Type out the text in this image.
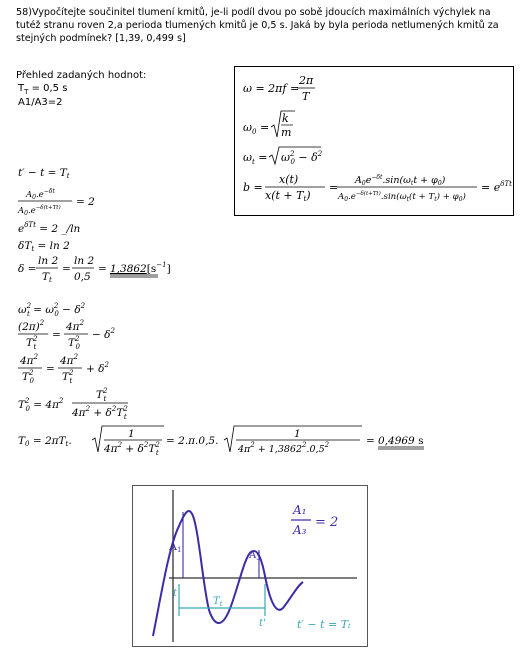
58)Vypočítejte součinitel tlumení kmitů, je-li podíl dvou po sobě jdoucích maximálních výchylek na tutéž stranu roven 2,a perioda tlumených kmitů je 0,5 s. Jaká by byla perioda netlumených kmitů za stejných podmínek? [1,39, 0,499 s]
Přehled zadaných hodnot:
$T_T = 0,5$ s
A1/A3=2
ω = 2πf =
2π
T
$\omega_0$ =
k
m
$\omega_t = \omega^2$ $0 - \delta^2$
b =
x(t)
x(t + Tt)
=
$A_0e^{-\delta t}.\sin(\omega_tt + \varphi_0)$
$A_0.e^{-\delta(t+Tt)}.\sin(\omega_t(t + T_t) + \varphi_0)$
= $e^{\delta Tt}$
t′ − t = Tt
$A_0.e^{-\delta t}$
$A_0.e^{-\delta(t+Tt)} = 2$
$e^{\delta Tt} = 2$ _/ln
δTt = ln 2
δ =
ln 2
Tt
=
ln 2
0,5
= $1,3862[s^{-1}]$
$\omega^2$ $t = \omega^2$ $0 - \delta^2$
$(2\pi)^2$
$T^2$ t
=
$4\pi^2$
$T^2$ 0
− $\delta^2$
$4\pi^2$
$T^2$ 0
=
$4\pi^2$
$T^2$ t
+ $\delta^2$
$T^2$ $0 = 4\pi^2$	$T^2$ t
$4\pi^2 + \delta^2T^2$ t
T0 = 2πTt.
1
$4\pi^2 + \delta^2T^2$ t
= 2.π.0,5.
1
$4\pi^2 + 1,3862^2.0,5^2$	= 0,4969 s
A1	$A_3$
A₁
A₃ = 2
t
$T_t$
t'	t′ − t = Tₜ
